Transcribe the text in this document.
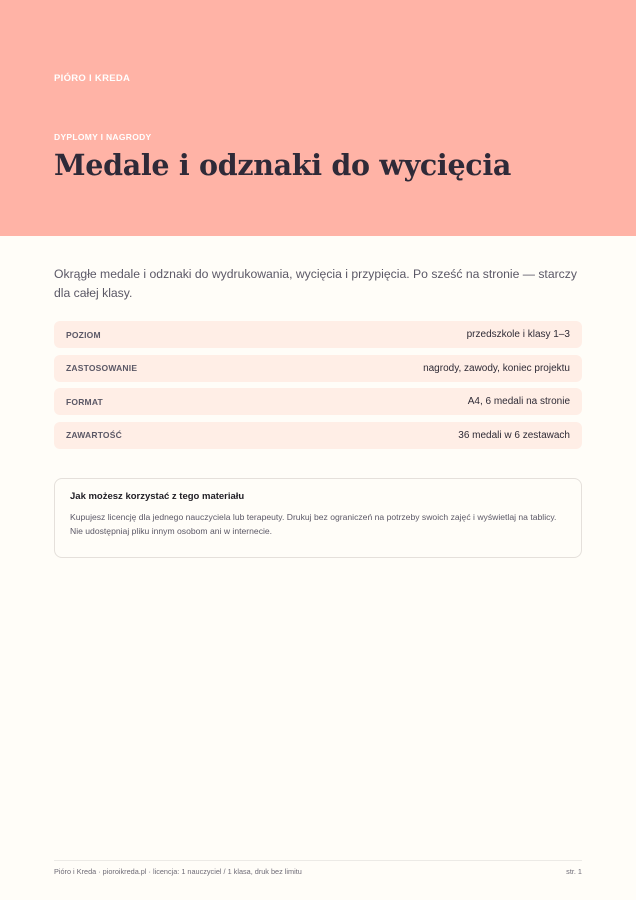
PIÓRO I KREDA
DYPLOMY I NAGRODY
Medale i odznaki do wycięcia

Okrągłe medale i odznaki do wydrukowania, wycięcia i przypięcia. Po sześć na stronie — starczy dla całej klasy.

POZIOM	przedszkole i klasy 1–3
ZASTOSOWANIE	nagrody, zawody, koniec projektu
FORMAT	A4, 6 medali na stronie
ZAWARTOŚĆ	36 medali w 6 zestawach
Jak możesz korzystać z tego materiału

Kupujesz licencję dla jednego nauczyciela lub terapeuty. Drukuj bez ograniczeń na potrzeby swoich zajęć i wyświetlaj na tablicy. Nie udostępniaj pliku innym osobom ani w internecie.

Pióro i Kreda · pioroikreda.pl · licencja: 1 nauczyciel / 1 klasa, druk bez limitu	str. 1
